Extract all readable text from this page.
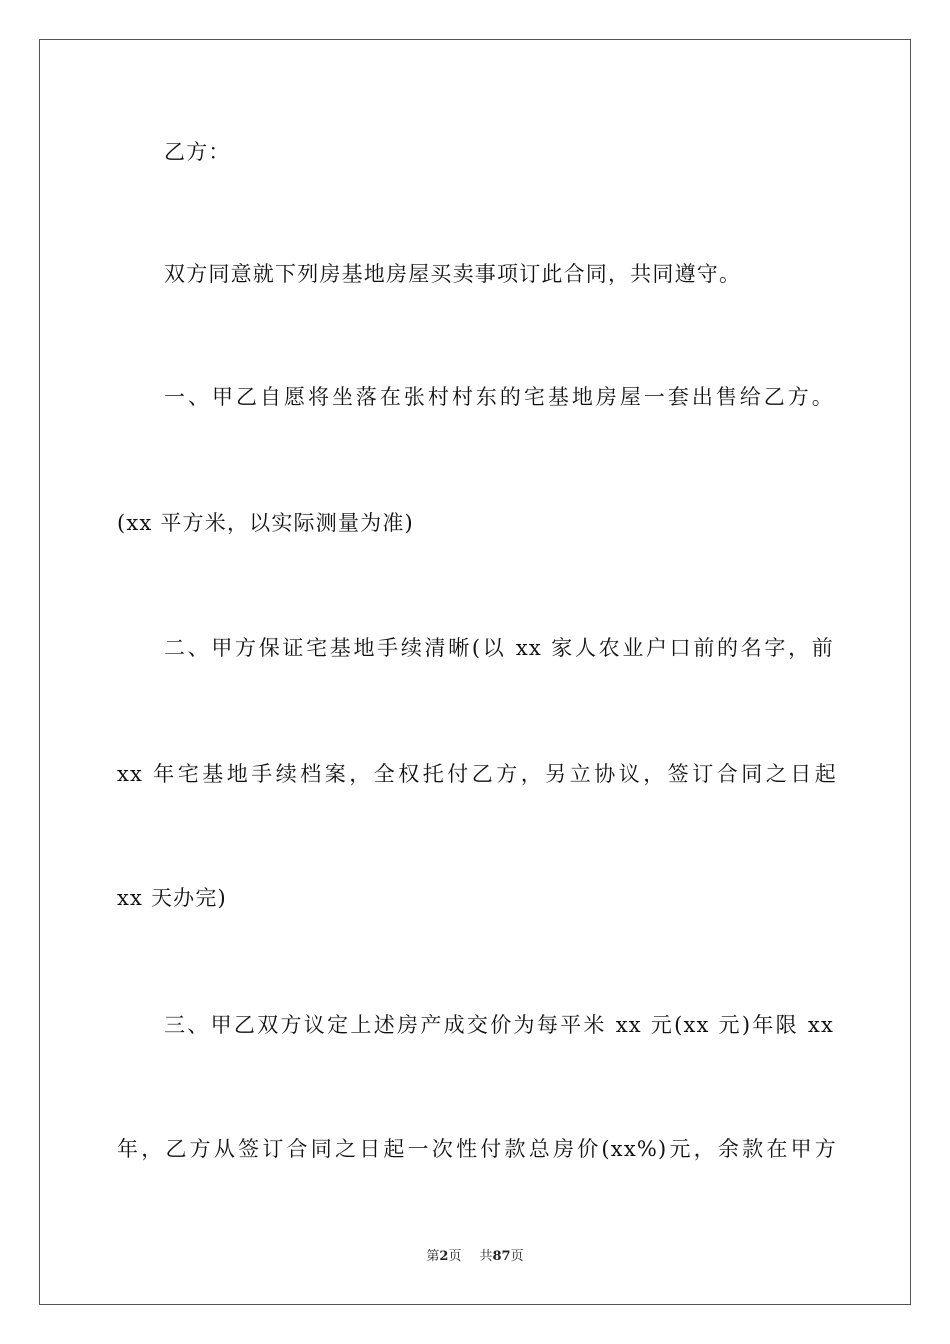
乙方：
双方同意就下列房基地房屋买卖事项订此合同，共同遵守。
一、甲乙自愿将坐落在张村村东的宅基地房屋一套出售给乙方。
(xx 平方米，以实际测量为准)
二、甲方保证宅基地手续清晰(以 xx 家人农业户口前的名字，前
xx 年宅基地手续档案，全权托付乙方，另立协议，签订合同之日起
xx 天办完)
三、甲乙双方议定上述房产成交价为每平米 xx 元(xx 元)年限 xx
年，乙方从签订合同之日起一次性付款总房价(xx%)元，余款在甲方
第2页 共87页
